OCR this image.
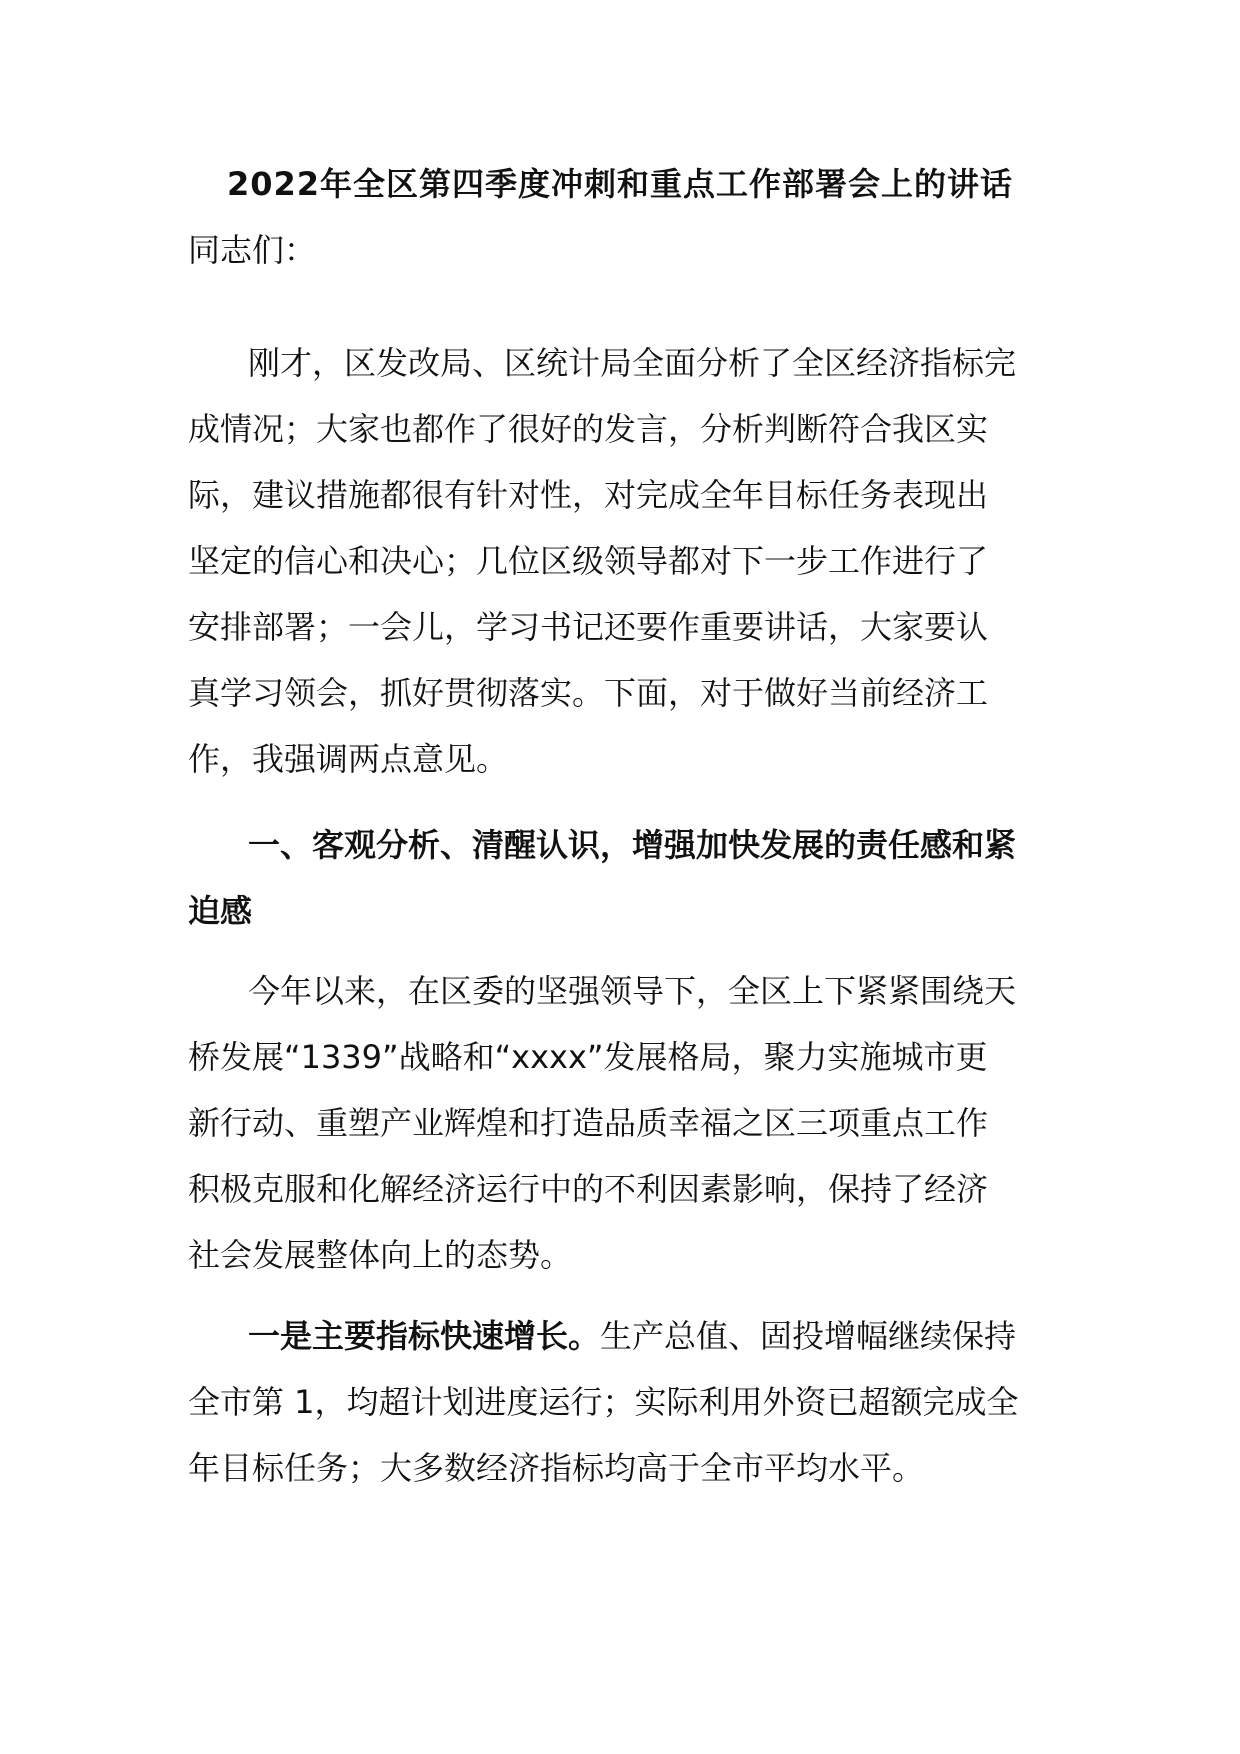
2022年全区第四季度冲刺和重点工作部署会上的讲话
同志们：
刚才，区发改局、区统计局全面分析了全区经济指标完
成情况；大家也都作了很好的发言，分析判断符合我区实
际，建议措施都很有针对性，对完成全年目标任务表现出
坚定的信心和决心；几位区级领导都对下一步工作进行了
安排部署；一会儿，学习书记还要作重要讲话，大家要认
真学习领会，抓好贯彻落实。下面，对于做好当前经济工
作，我强调两点意见。
一、客观分析、清醒认识，增强加快发展的责任感和紧
迫感
今年以来，在区委的坚强领导下，全区上下紧紧围绕天
桥发展“1339”战略和“xxxx”发展格局，聚力实施城市更
新行动、重塑产业辉煌和打造品质幸福之区三项重点工作
积极克服和化解经济运行中的不利因素影响，保持了经济
社会发展整体向上的态势。
一是主要指标快速增长。生产总值、固投增幅继续保持
全市第 1，均超计划进度运行；实际利用外资已超额完成全
年目标任务；大多数经济指标均高于全市平均水平。
